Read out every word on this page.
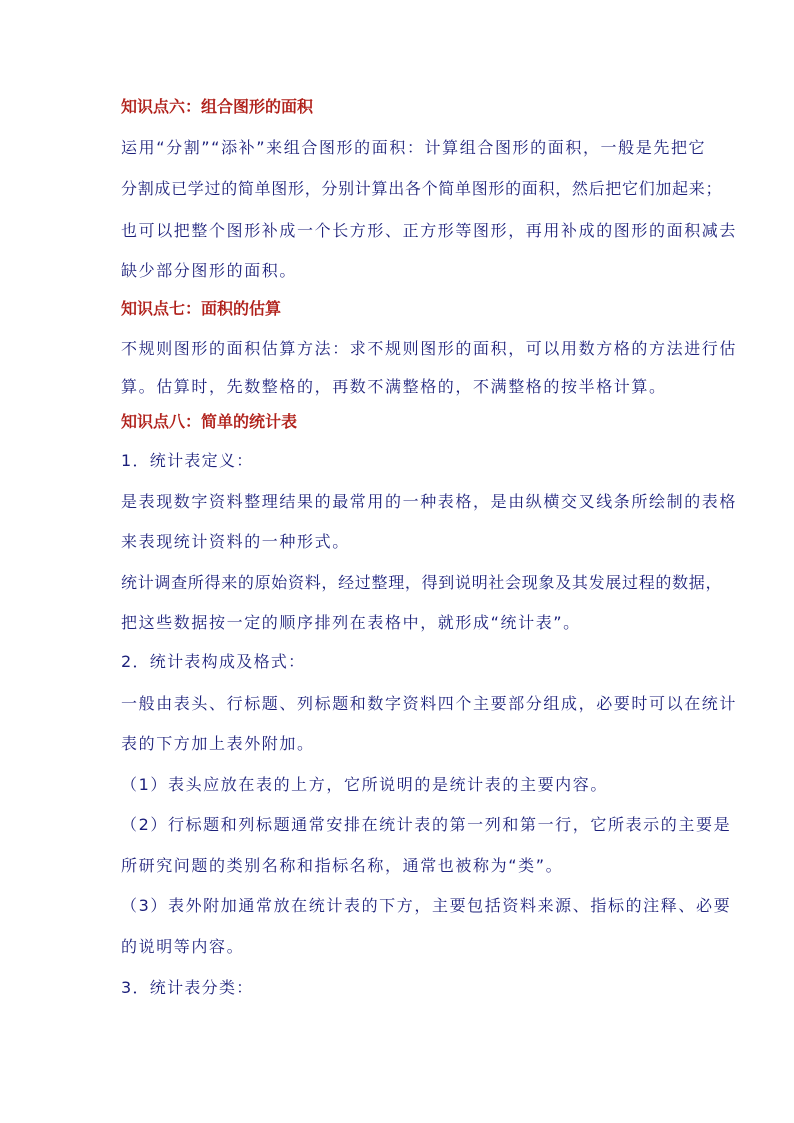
知识点六：组合图形的面积
运用“分割”“添补”来组合图形的面积：计算组合图形的面积，一般是先把它
分割成已学过的简单图形，分别计算出各个简单图形的面积，然后把它们加起来；
也可以把整个图形补成一个长方形、正方形等图形，再用补成的图形的面积减去
缺少部分图形的面积。
知识点七：面积的估算
不规则图形的面积估算方法：求不规则图形的面积，可以用数方格的方法进行估
算。估算时，先数整格的，再数不满整格的，不满整格的按半格计算。
知识点八：简单的统计表
1．统计表定义：
是表现数字资料整理结果的最常用的一种表格，是由纵横交叉线条所绘制的表格
来表现统计资料的一种形式。
统计调查所得来的原始资料，经过整理，得到说明社会现象及其发展过程的数据，
把这些数据按一定的顺序排列在表格中，就形成“统计表”。
2．统计表构成及格式：
一般由表头、行标题、列标题和数字资料四个主要部分组成，必要时可以在统计
表的下方加上表外附加。
（1）表头应放在表的上方，它所说明的是统计表的主要内容。
（2）行标题和列标题通常安排在统计表的第一列和第一行，它所表示的主要是
所研究问题的类别名称和指标名称，通常也被称为“类”。
（3）表外附加通常放在统计表的下方，主要包括资料来源、指标的注释、必要
的说明等内容。
3．统计表分类：
